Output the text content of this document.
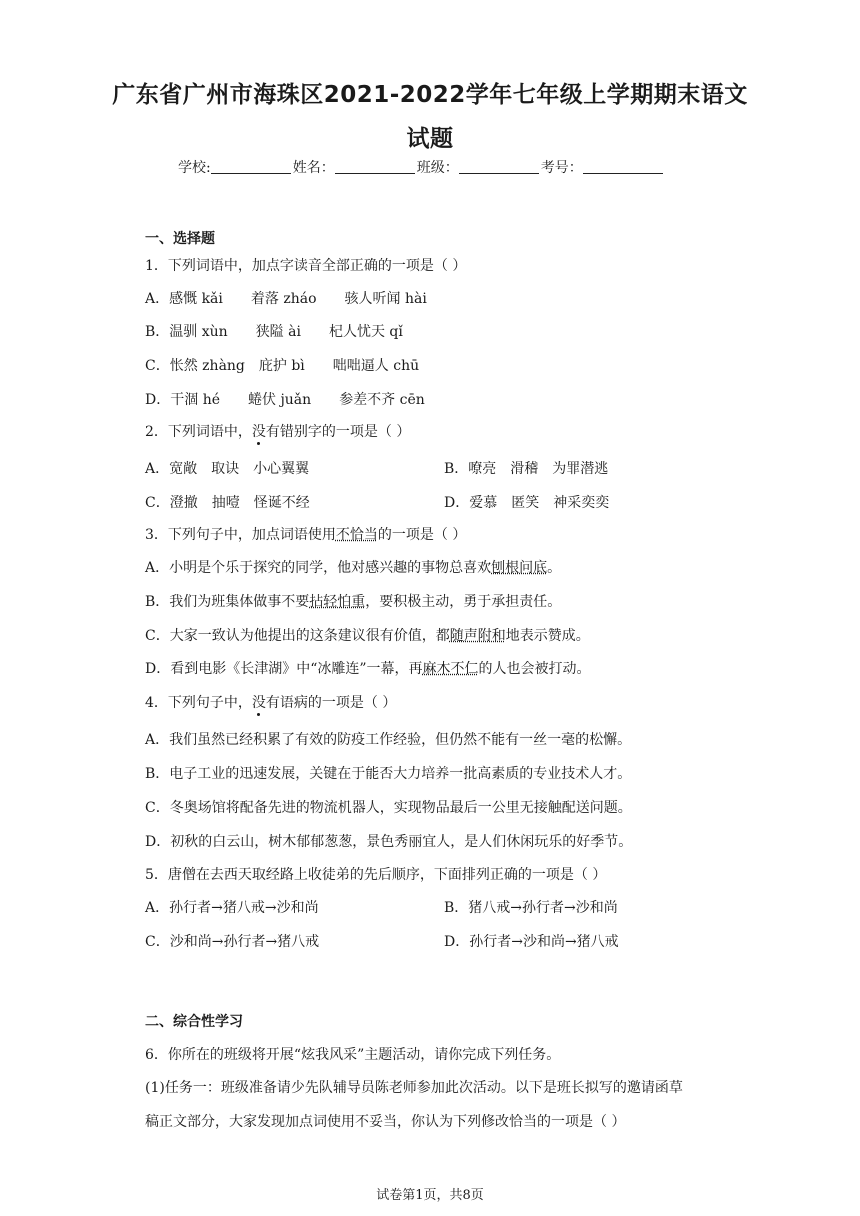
广东省广州市海珠区2021-2022学年七年级上学期期末语文
试题
学校:	姓名：	班级：	考号：
一、选择题
1．下列词语中，加点字读音全部正确的一项是（ ）
A．感慨 kǎi 着落 zháo 骇人听闻 hài
B．温驯 xùn 狭隘 ài 杞人忧天 qǐ
C．怅然 zhàng 庇护 bì 咄咄逼人 chū
D．干涸 hé 蜷伏 juǎn 参差不齐 cēn
2．下列词语中，没有错别字的一项是（ ）
A．宽敞　取诀　小心翼翼	B．嘹亮　滑稽　为罪潜逃
C．澄撤　抽噎　怪诞不经	D．爱慕　匿笑　神采奕奕
3．下列句子中，加点词语使用不恰当的一项是（ ）
A．小明是个乐于探究的同学，他对感兴趣的事物总喜欢刨根问底。
B．我们为班集体做事不要拈轻怕重，要积极主动，勇于承担责任。
C．大家一致认为他提出的这条建议很有价值，都随声附和地表示赞成。
D．看到电影《长津湖》中“冰雕连”一幕，再麻木不仁的人也会被打动。
4．下列句子中，没有语病的一项是（ ）
A．我们虽然已经积累了有效的防疫工作经验，但仍然不能有一丝一毫的松懈。
B．电子工业的迅速发展，关键在于能否大力培养一批高素质的专业技术人才。
C．冬奥场馆将配备先进的物流机器人，实现物品最后一公里无接触配送问题。
D．初秋的白云山，树木郁郁葱葱，景色秀丽宜人，是人们休闲玩乐的好季节。
5．唐僧在去西天取经路上收徒弟的先后顺序，下面排列正确的一项是（ ）
A．孙行者→猪八戒→沙和尚	B．猪八戒→孙行者→沙和尚
C．沙和尚→孙行者→猪八戒	D．孙行者→沙和尚→猪八戒
二、综合性学习
6．你所在的班级将开展“炫我风采”主题活动，请你完成下列任务。
(1)任务一：班级准备请少先队辅导员陈老师参加此次活动。以下是班长拟写的邀请函草
稿正文部分，大家发现加点词使用不妥当，你认为下列修改恰当的一项是（ ）
试卷第1页，共8页
